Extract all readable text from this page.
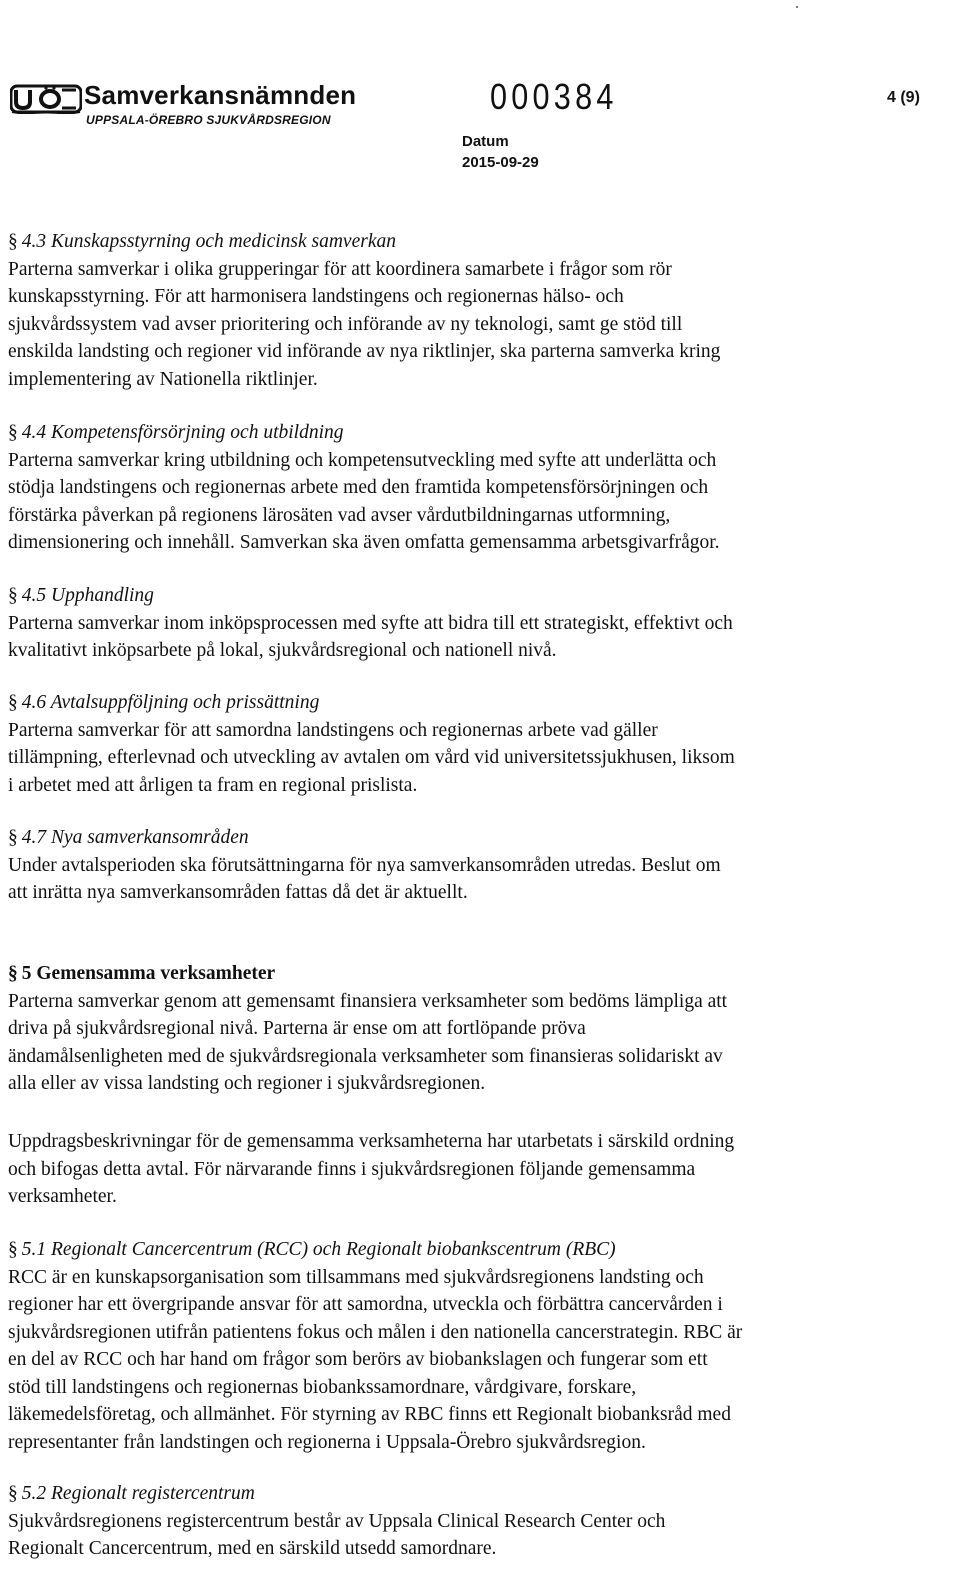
Samverkansnämnden
UPPSALA-ÖREBRO SJUKVÅRDSREGION
000384	4 (9)
Datum
2015-09-29
§ 4.3 Kunskapsstyrning och medicinsk samverkan
Parterna samverkar i olika grupperingar för att koordinera samarbete i frågor som rör
kunskapsstyrning. För att harmonisera landstingens och regionernas hälso- och
sjukvårdssystem vad avser prioritering och införande av ny teknologi, samt ge stöd till
enskilda landsting och regioner vid införande av nya riktlinjer, ska parterna samverka kring
implementering av Nationella riktlinjer.
§ 4.4 Kompetensförsörjning och utbildning
Parterna samverkar kring utbildning och kompetensutveckling med syfte att underlätta och
stödja landstingens och regionernas arbete med den framtida kompetensförsörjningen och
förstärka påverkan på regionens lärosäten vad avser vårdutbildningarnas utformning,
dimensionering och innehåll. Samverkan ska även omfatta gemensamma arbetsgivarfrågor.
§ 4.5 Upphandling
Parterna samverkar inom inköpsprocessen med syfte att bidra till ett strategiskt, effektivt och
kvalitativt inköpsarbete på lokal, sjukvårdsregional och nationell nivå.
§ 4.6 Avtalsuppföljning och prissättning
Parterna samverkar för att samordna landstingens och regionernas arbete vad gäller
tillämpning, efterlevnad och utveckling av avtalen om vård vid universitetssjukhusen, liksom
i arbetet med att årligen ta fram en regional prislista.
§ 4.7 Nya samverkansområden
Under avtalsperioden ska förutsättningarna för nya samverkansområden utredas. Beslut om
att inrätta nya samverkansområden fattas då det är aktuellt.
§ 5 Gemensamma verksamheter
Parterna samverkar genom att gemensamt finansiera verksamheter som bedöms lämpliga att
driva på sjukvårdsregional nivå. Parterna är ense om att fortlöpande pröva
ändamålsenligheten med de sjukvårdsregionala verksamheter som finansieras solidariskt av
alla eller av vissa landsting och regioner i sjukvårdsregionen.
Uppdragsbeskrivningar för de gemensamma verksamheterna har utarbetats i särskild ordning
och bifogas detta avtal. För närvarande finns i sjukvårdsregionen följande gemensamma
verksamheter.
§ 5.1 Regionalt Cancercentrum (RCC) och Regionalt biobankscentrum (RBC)
RCC är en kunskapsorganisation som tillsammans med sjukvårdsregionens landsting och
regioner har ett övergripande ansvar för att samordna, utveckla och förbättra cancervården i
sjukvårdsregionen utifrån patientens fokus och målen i den nationella cancerstrategin. RBC är
en del av RCC och har hand om frågor som berörs av biobankslagen och fungerar som ett
stöd till landstingens och regionernas biobankssamordnare, vårdgivare, forskare,
läkemedelsföretag, och allmänhet. För styrning av RBC finns ett Regionalt biobanksråd med
representanter från landstingen och regionerna i Uppsala-Örebro sjukvårdsregion.
§ 5.2 Regionalt registercentrum
Sjukvårdsregionens registercentrum består av Uppsala Clinical Research Center och
Regionalt Cancercentrum, med en särskild utsedd samordnare.
